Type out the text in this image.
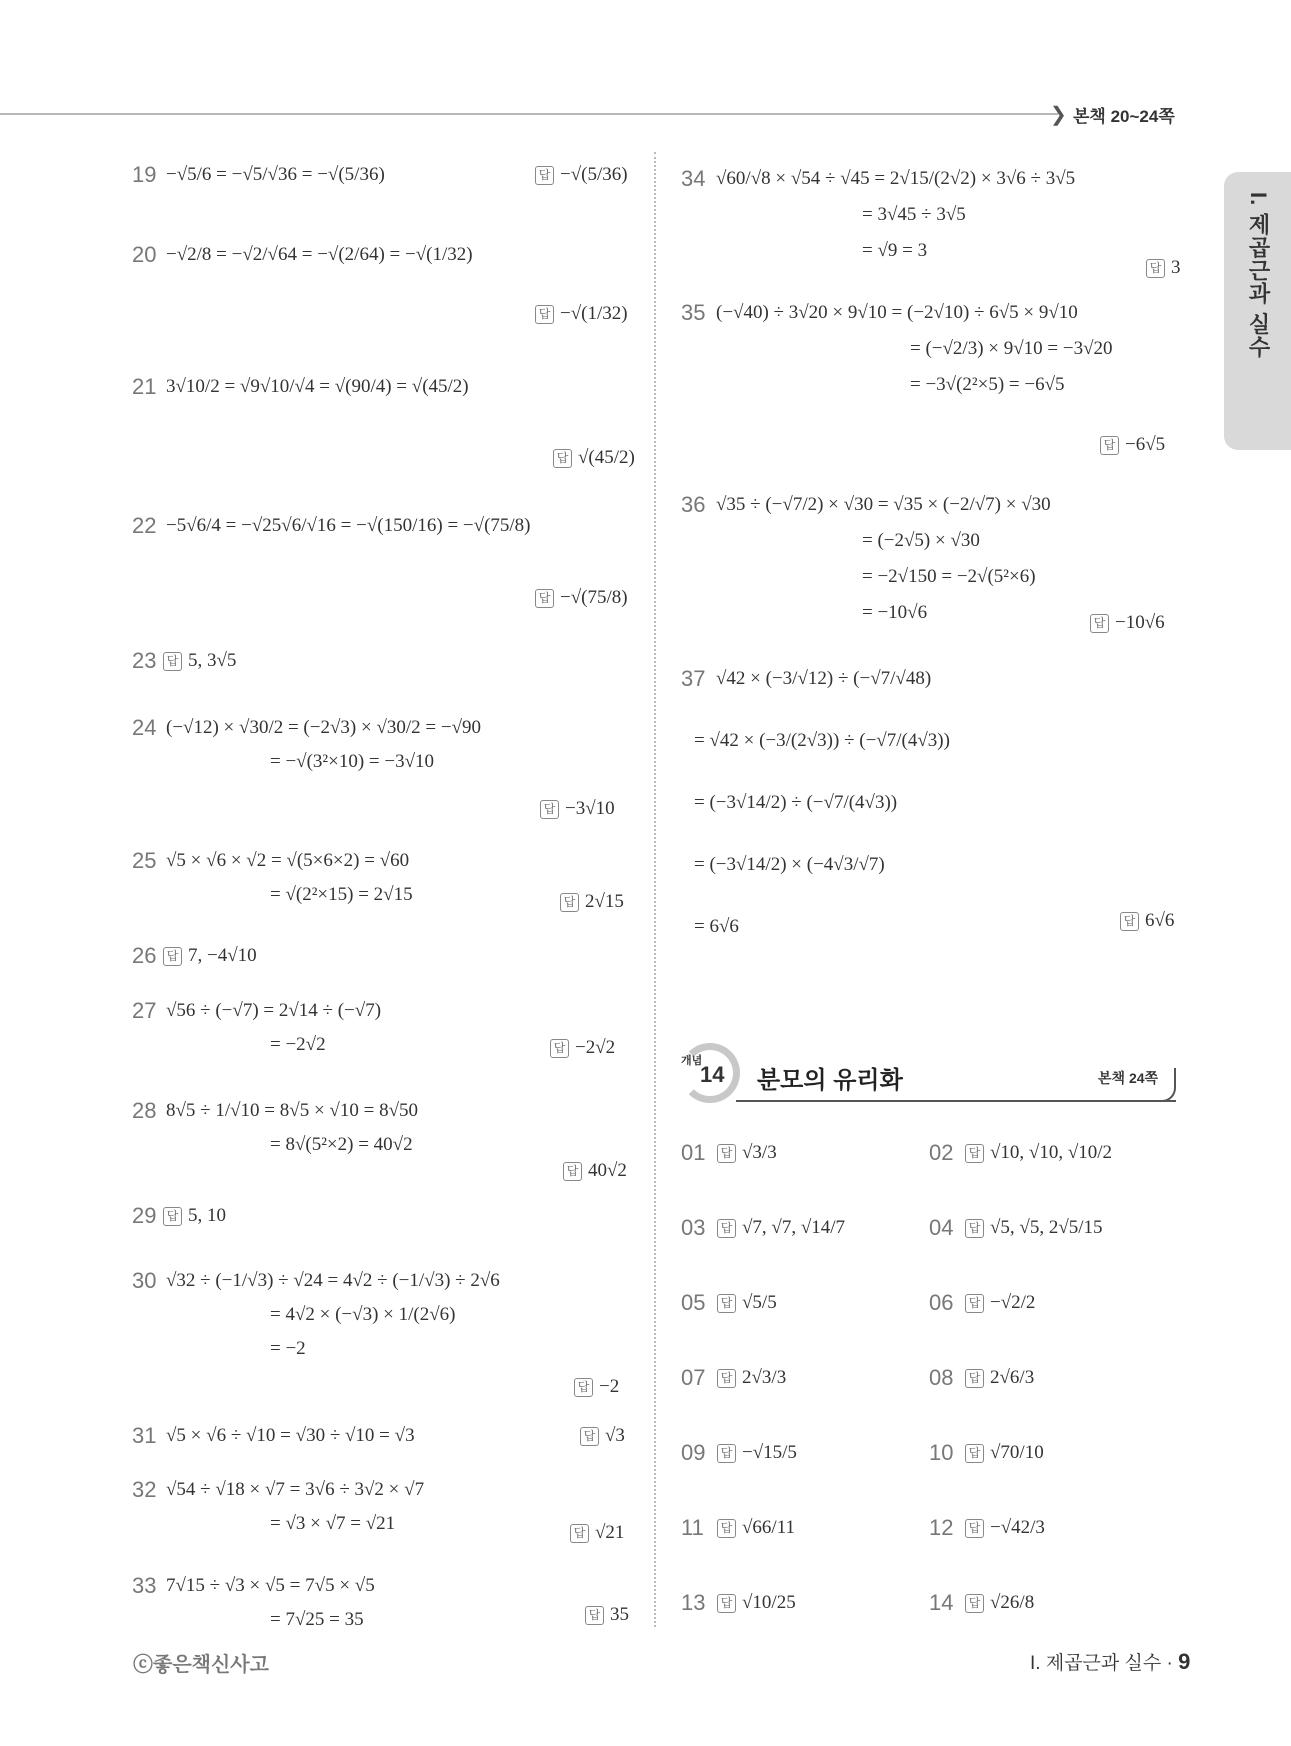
❯ 본책 20~24쪽
I. 제곱근과 실수
19 −√5/6 = −√5/√36 = −√(5/36)	답 −√(5/36)
20 −√2/8 = −√2/√64 = −√(2/64) = −√(1/32)
답 −√(1/32)
21 3√10/2 = √9√10/√4 = √(90/4) = √(45/2)
답 √(45/2)
22 −5√6/4 = −√25√6/√16 = −√(150/16) = −√(75/8)
답 −√(75/8)
23 답 5, 3√5
24 (−√12) × √30/2 = (−2√3) × √30/2 = −√90
= −√(3²×10) = −3√10
답 −3√10
25 √5 × √6 × √2 = √(5×6×2) = √60
= √(2²×15) = 2√15	답 2√15
26 답 7, −4√10
27 √56 ÷ (−√7) = 2√14 ÷ (−√7)
= −2√2	답 −2√2
28 8√5 ÷ 1/√10 = 8√5 × √10 = 8√50
= 8√(5²×2) = 40√2
답 40√2
29 답 5, 10
30 √32 ÷ (−1/√3) ÷ √24 = 4√2 ÷ (−1/√3) ÷ 2√6
= 4√2 × (−√3) × 1/(2√6)
= −2
답 −2
31 √5 × √6 ÷ √10 = √30 ÷ √10 = √3	답 √3
32 √54 ÷ √18 × √7 = 3√6 ÷ 3√2 × √7
= √3 × √7 = √21	답 √21
33 7√15 ÷ √3 × √5 = 7√5 × √5
= 7√25 = 35	답 35
34 √60/√8 × √54 ÷ √45 = 2√15/(2√2) × 3√6 ÷ 3√5
= 3√45 ÷ 3√5
= √9 = 3
답 3
35 (−√40) ÷ 3√20 × 9√10 = (−2√10) ÷ 6√5 × 9√10
= (−√2/3) × 9√10 = −3√20
= −3√(2²×5) = −6√5
답 −6√5
36 √35 ÷ (−√7/2) × √30 = √35 × (−2/√7) × √30
= (−2√5) × √30
= −2√150 = −2√(5²×6)
= −10√6
답 −10√6
37 √42 × (−3/√12) ÷ (−√7/√48)
= √42 × (−3/(2√3)) ÷ (−√7/(4√3))
= (−3√14/2) ÷ (−√7/(4√3))
= (−3√14/2) × (−4√3/√7)
= 6√6	답 6√6
개념
14 분모의 유리화	본책 24쪽
01	답 √3/3	02	답 √10, √10, √10/2
03	답 √7, √7, √14/7	04	답 √5, √5, 2√5/15
05	답 √5/5	06	답 −√2/2
07	답 2√3/3	08	답 2√6/3
09	답 −√15/5	10	답 √70/10
11	답 √66/11	12	답 −√42/3
13	답 √10/25	14	답 √26/8
ⓒ좋은책신사고	I. 제곱근과 실수 · 9
